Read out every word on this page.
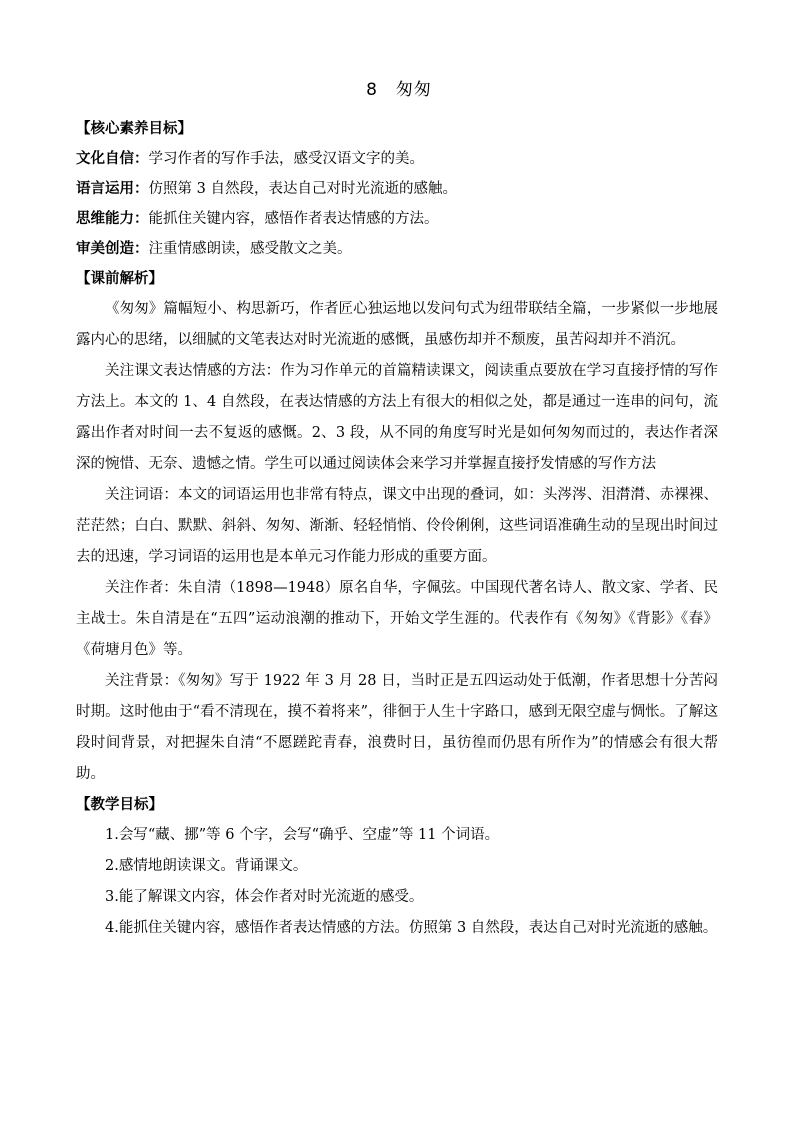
8　匆匆
【核心素养目标】
文化自信：学习作者的写作手法，感受汉语文字的美。
语言运用：仿照第 3 自然段，表达自己对时光流逝的感触。
思维能力：能抓住关键内容，感悟作者表达情感的方法。
审美创造：注重情感朗读，感受散文之美。
【课前解析】

《匆匆》篇幅短小、构思新巧，作者匠心独运地以发问句式为纽带联结全篇，一步紧似一步地展露内心的思绪，以细腻的文笔表达对时光流逝的感慨，虽感伤却并不颓废，虽苦闷却并不消沉。

关注课文表达情感的方法：作为习作单元的首篇精读课文，阅读重点要放在学习直接抒情的写作方法上。本文的 1、4 自然段，在表达情感的方法上有很大的相似之处，都是通过一连串的问句，流露出作者对时间一去不复返的感慨。2、3 段，从不同的角度写时光是如何匆匆而过的，表达作者深深的惋惜、无奈、遗憾之情。学生可以通过阅读体会来学习并掌握直接抒发情感的写作方法

关注词语：本文的词语运用也非常有特点，课文中出现的叠词，如：头涔涔、泪潸潸、赤裸裸、茫茫然；白白、默默、斜斜、匆匆、渐渐、轻轻悄悄、伶伶俐俐，这些词语准确生动的呈现出时间过去的迅速，学习词语的运用也是本单元习作能力形成的重要方面。

关注作者：朱自清（1898—1948）原名自华，字佩弦。中国现代著名诗人、散文家、学者、民主战士。朱自清是在“五四”运动浪潮的推动下，开始文学生涯的。代表作有《匆匆》《背影》《春》《荷塘月色》等。

关注背景：《匆匆》写于 1922 年 3 月 28 日，当时正是五四运动处于低潮，作者思想十分苦闷时期。这时他由于“看不清现在，摸不着将来”，徘徊于人生十字路口，感到无限空虚与惆怅。了解这段时间背景，对把握朱自清“不愿蹉跎青春，浪费时日，虽彷徨而仍思有所作为”的情感会有很大帮助。

【教学目标】

1.会写“藏、挪”等 6 个字，会写“确乎、空虚”等 11 个词语。

2.感情地朗读课文。背诵课文。

3.能了解课文内容，体会作者对时光流逝的感受。

4.能抓住关键内容，感悟作者表达情感的方法。仿照第 3 自然段，表达自己对时光流逝的感触。
